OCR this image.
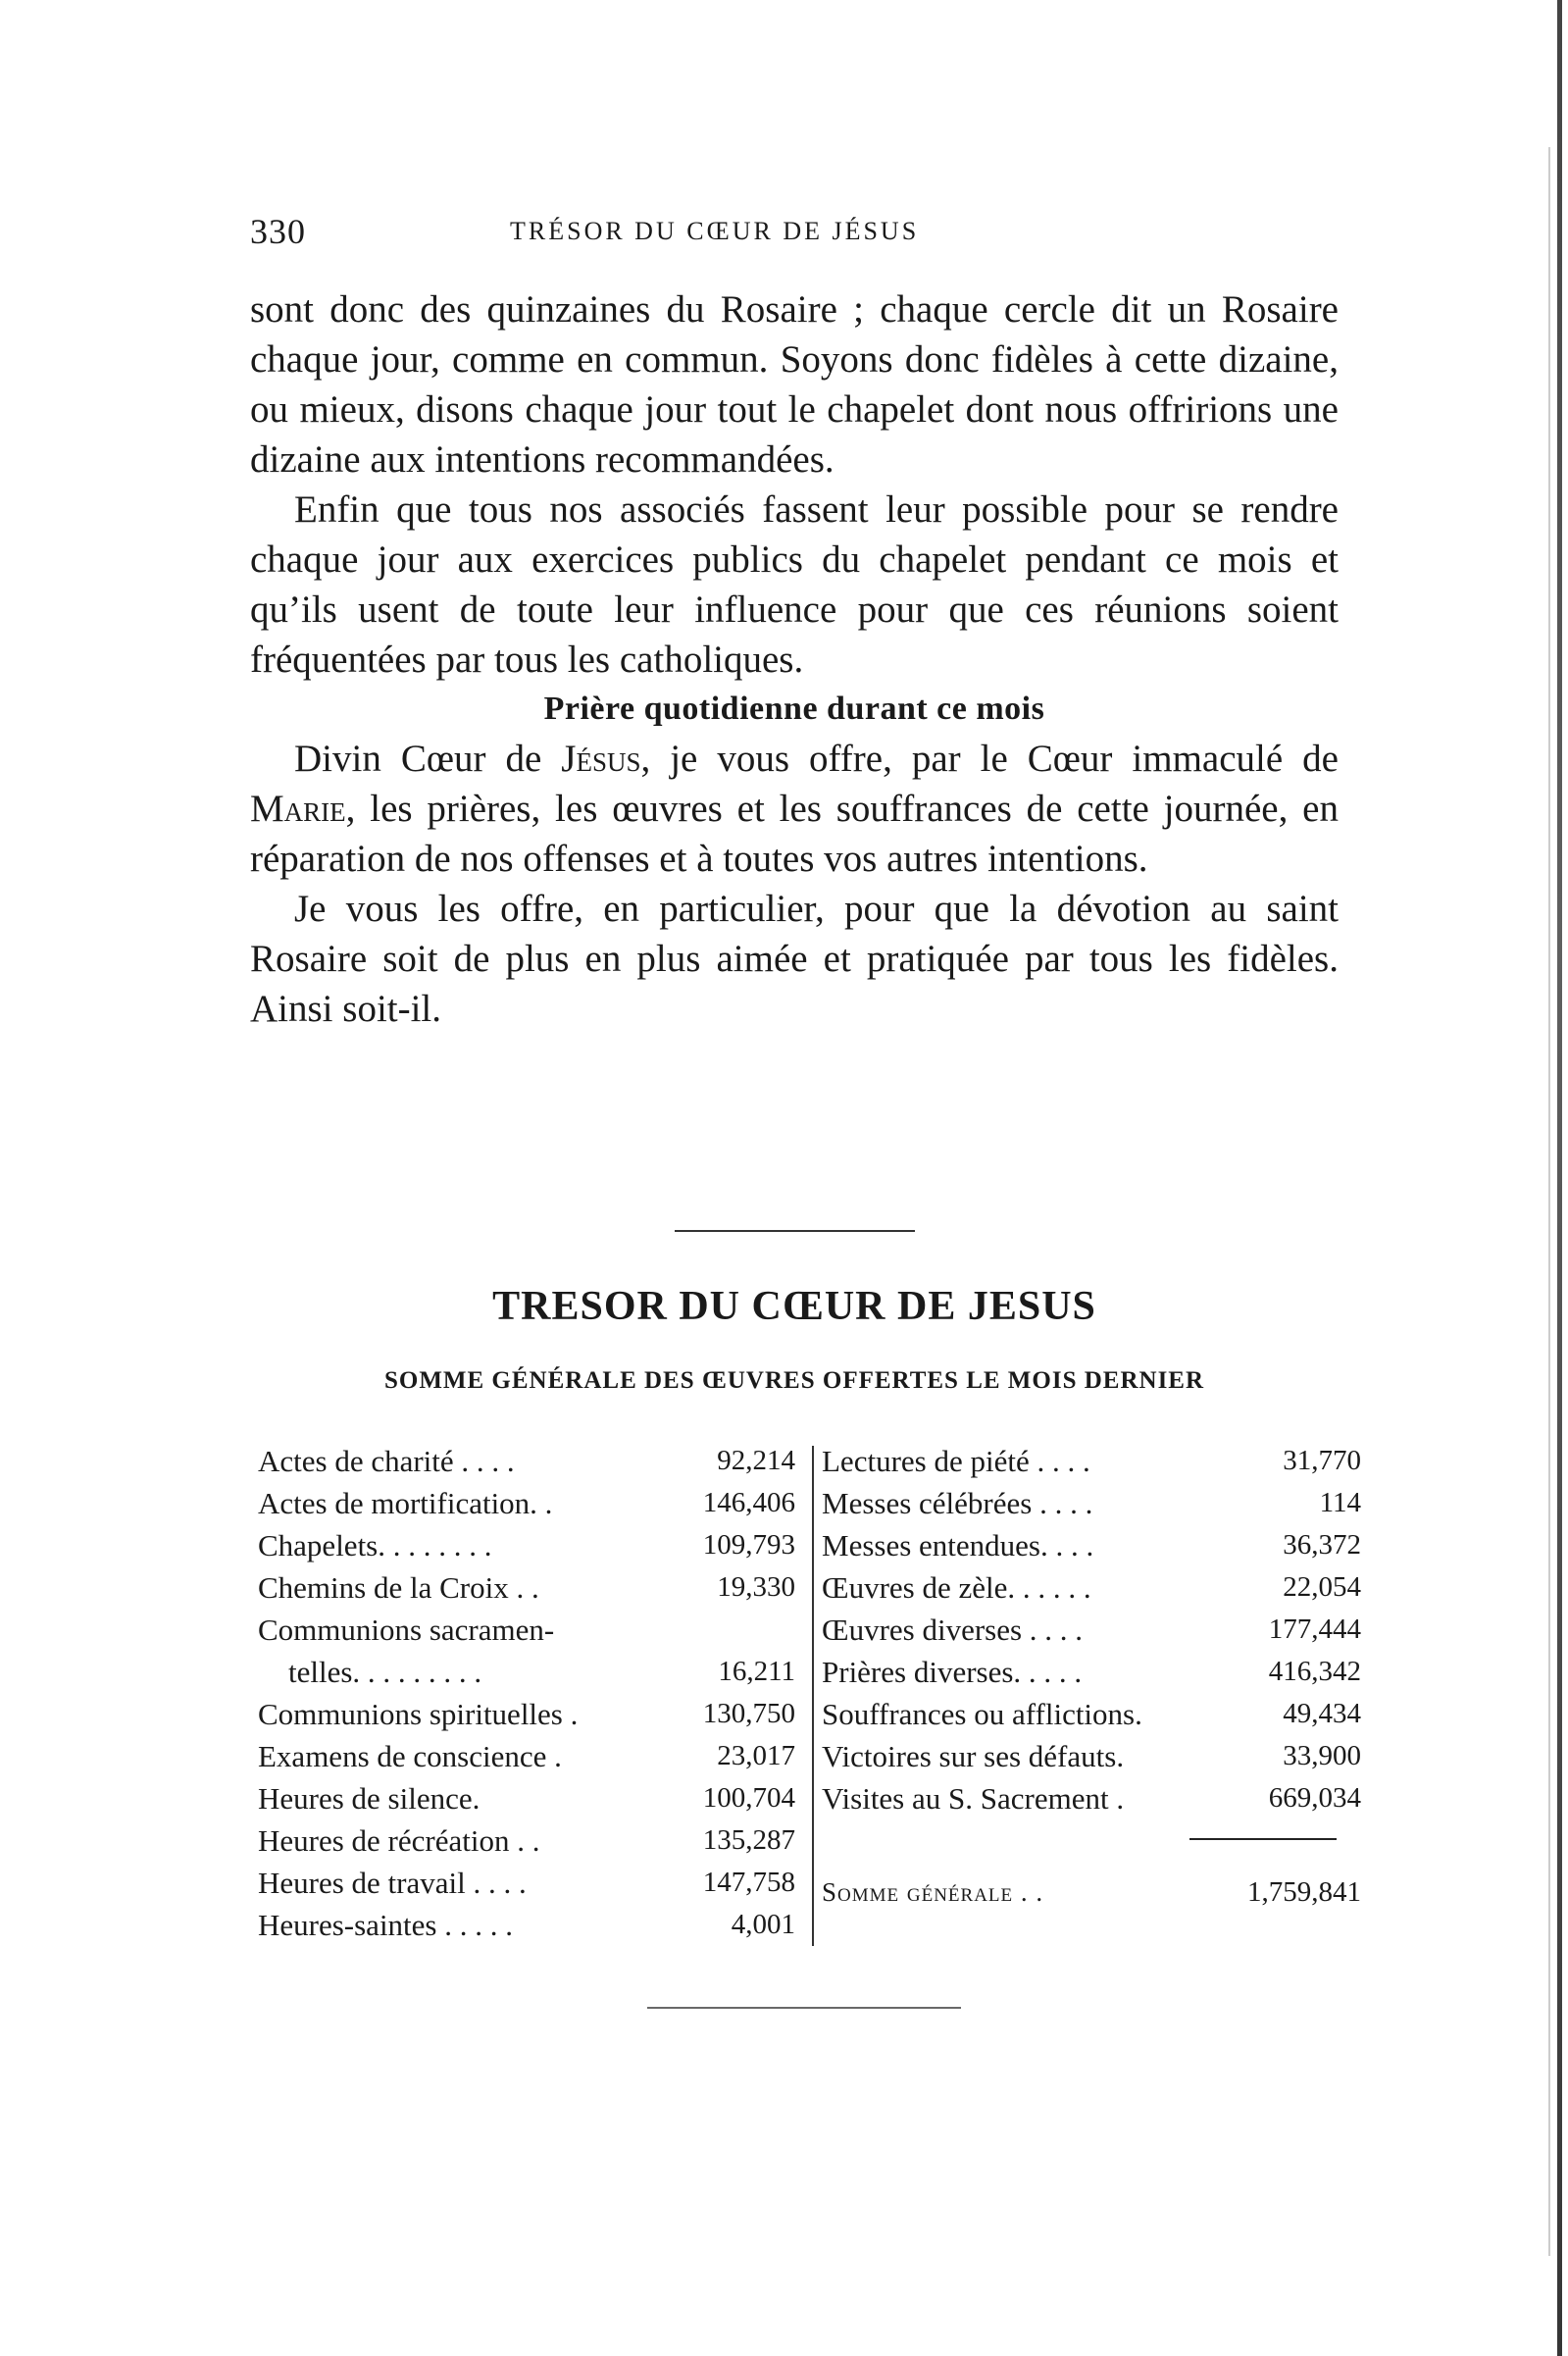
330	TRÉSOR DU CŒUR DE JÉSUS

sont donc des quinzaines du Rosaire ; chaque cercle dit un Rosaire chaque jour, comme en commun. Soyons donc fidèles à cette dizaine, ou mieux, disons chaque jour tout le chapelet dont nous offririons une dizaine aux intentions recommandées.

Enfin que tous nos associés fassent leur possible pour se rendre chaque jour aux exercices publics du chapelet pendant ce mois et qu’ils usent de toute leur influence pour que ces réunions soient fréquentées par tous les catholiques.

Prière quotidienne durant ce mois

Divin Cœur de Jésus, je vous offre, par le Cœur immaculé de Marie, les prières, les œuvres et les souffrances de cette journée, en réparation de nos offenses et à toutes vos autres intentions.

Je vous les offre, en particulier, pour que la dévotion au saint Rosaire soit de plus en plus aimée et pratiquée par tous les fidèles. Ainsi soit-il.

TRESOR DU CŒUR DE JESUS
SOMME GÉNÉRALE DES ŒUVRES OFFERTES LE MOIS DERNIER
Actes de charité . . . .	92,214
Actes de mortification. .	146,406
Chapelets. . . . . . . .	109,793
Chemins de la Croix . .	19,330
Communions sacramen-
telles. . . . . . . . .	16,211
Communions spirituelles .	130,750
Examens de conscience .	23,017
Heures de silence.	100,704
Heures de récréation . .	135,287
Heures de travail . . . .	147,758
Heures-saintes . . . . .	4,001
Lectures de piété . . . .	31,770
Messes célébrées . . . .	114
Messes entendues. . . .	36,372
Œuvres de zèle. . . . . .	22,054
Œuvres diverses . . . .	177,444
Prières diverses. . . . .	416,342
Souffrances ou afflictions.	49,434
Victoires sur ses défauts.	33,900
Visites au S. Sacrement .	669,034
Somme générale . .	1,759,841
